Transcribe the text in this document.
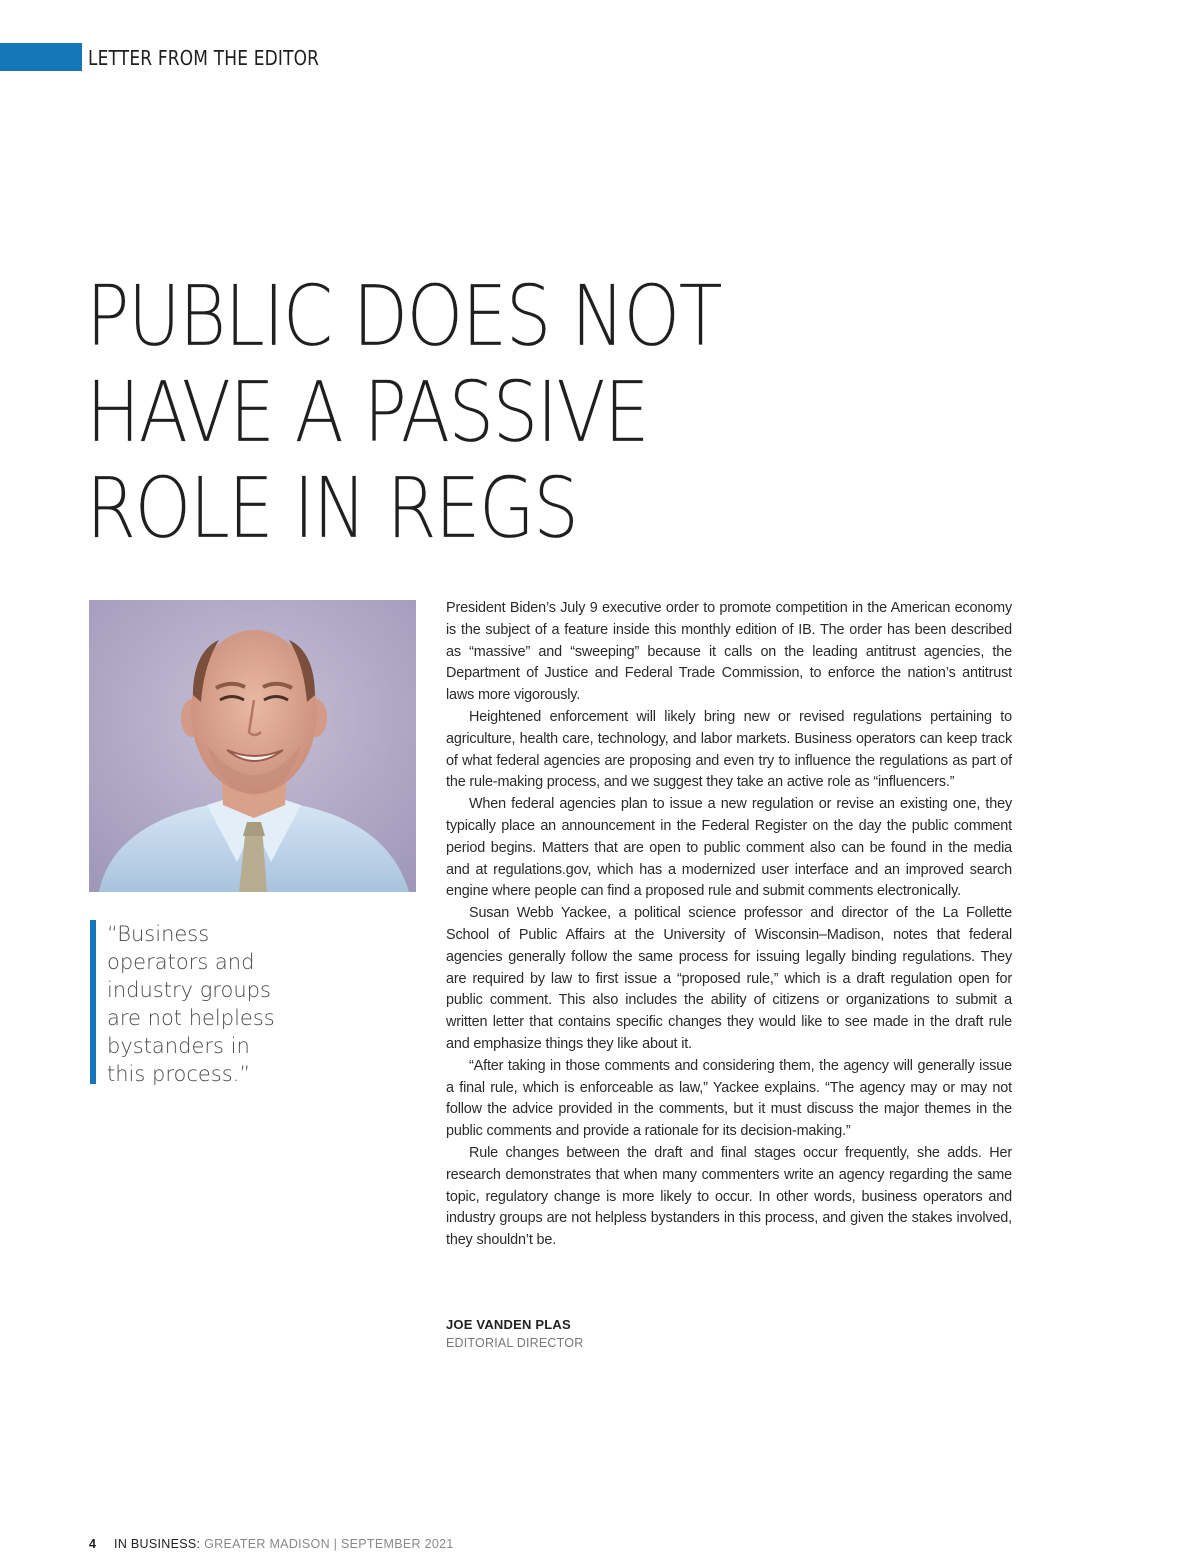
LETTER FROM THE EDITOR
PUBLIC DOES NOT
HAVE A PASSIVE
ROLE IN REGS
“Business
operators and
industry groups
are not helpless
bystanders in
this process.”

President Biden’s July 9 executive order to promote competition in the American economy is the subject of a feature inside this monthly edition of IB. The order has been described as “massive” and “sweeping” because it calls on the leading antitrust agencies, the Department of Justice and Federal Trade Commission, to enforce the nation’s antitrust laws more vigorously.

Heightened enforcement will likely bring new or revised regulations pertaining to agriculture, health care, technology, and labor markets. Business operators can keep track of what federal agencies are proposing and even try to influence the regulations as part of the rule-making process, and we suggest they take an active role as “influencers.”

When federal agencies plan to issue a new regulation or revise an existing one, they typically place an announcement in the Federal Register on the day the public comment period begins. Matters that are open to public comment also can be found in the media and at regulations.gov, which has a modernized user interface and an improved search engine where people can find a proposed rule and submit comments electronically.

Susan Webb Yackee, a political science professor and director of the La Follette School of Public Affairs at the University of Wisconsin–Madison, notes that federal agencies generally follow the same process for issuing legally binding regulations. They are required by law to first issue a “proposed rule,” which is a draft regulation open for public comment. This also includes the ability of citizens or organizations to submit a written letter that contains specific changes they would like to see made in the draft rule and emphasize things they like about it.

“After taking in those comments and considering them, the agency will generally issue a final rule, which is enforceable as law,” Yackee explains. “The agency may or may not follow the advice provided in the comments, but it must discuss the major themes in the public comments and provide a rationale for its decision-making.”

Rule changes between the draft and final stages occur frequently, she adds. Her research demonstrates that when many commenters write an agency regarding the same topic, regulatory change is more likely to occur. In other words, business operators and industry groups are not helpless bystanders in this process, and given the stakes involved, they shouldn’t be.

JOE VANDEN PLAS
EDITORIAL DIRECTOR
4 IN BUSINESS: GREATER MADISON | SEPTEMBER 2021
